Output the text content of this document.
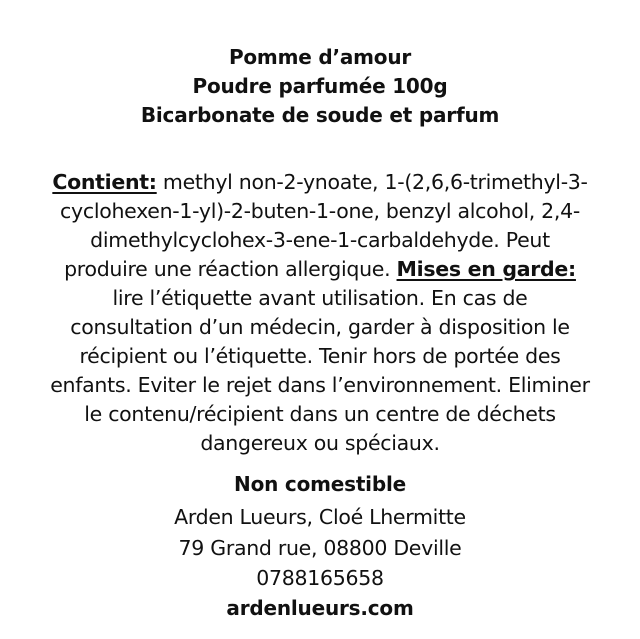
Pomme d’amour
Poudre parfumée 100g
Bicarbonate de soude et parfum
Contient: methyl non-2-ynoate, 1-(2,6,6-trimethyl-3-
cyclohexen-1-yl)-2-buten-1-one, benzyl alcohol, 2,4-
dimethylcyclohex-3-ene-1-carbaldehyde. Peut
produire une réaction allergique. Mises en garde:
lire l’étiquette avant utilisation. En cas de
consultation d’un médecin, garder à disposition le
récipient ou l’étiquette. Tenir hors de portée des
enfants. Eviter le rejet dans l’environnement. Eliminer
le contenu/récipient dans un centre de déchets
dangereux ou spéciaux.
Non comestible
Arden Lueurs, Cloé Lhermitte
79 Grand rue, 08800 Deville
0788165658
ardenlueurs.com
